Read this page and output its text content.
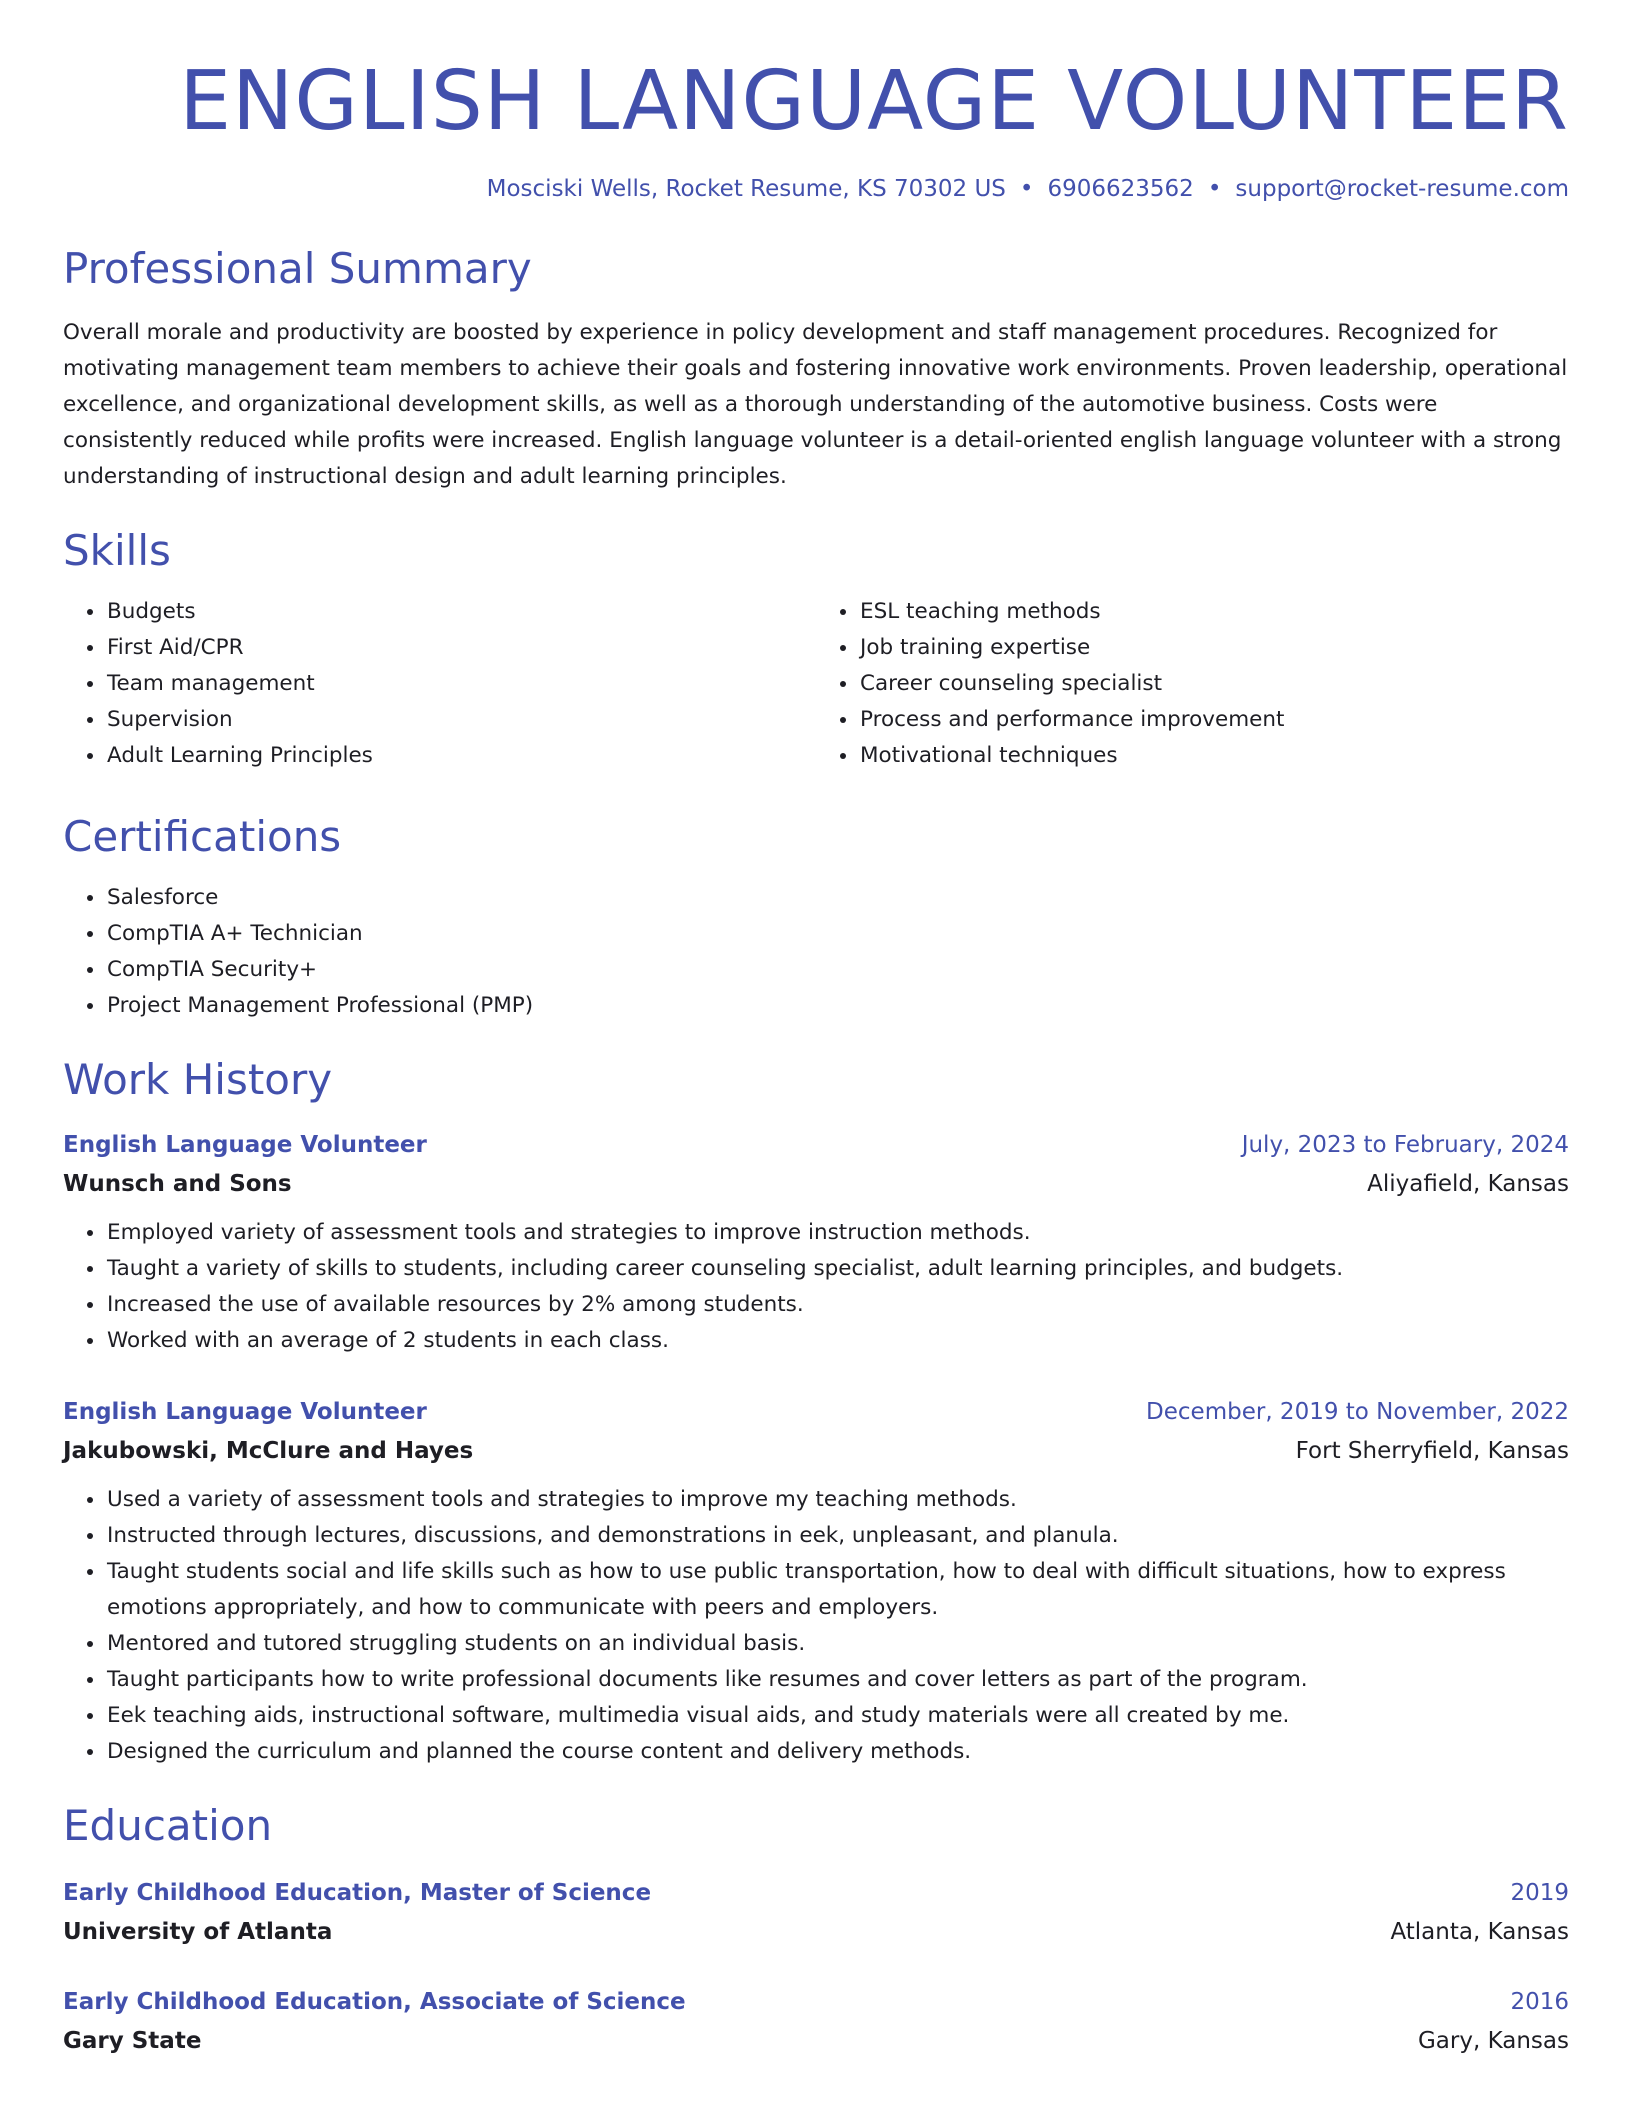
ENGLISH LANGUAGE VOLUNTEER
Mosciski Wells, Rocket Resume, KS 70302 US • 6906623562 • support@rocket-resume.com
Professional Summary

Overall morale and productivity are boosted by experience in policy development and staff management procedures. Recognized for motivating management team members to achieve their goals and fostering innovative work environments. Proven leadership, operational excellence, and organizational development skills, as well as a thorough understanding of the automotive business. Costs were consistently reduced while profits were increased. English language volunteer is a detail-oriented english language volunteer with a strong understanding of instructional design and adult learning principles.

Skills
• Budgets
• First Aid/CPR
• Team management
• Supervision
• Adult Learning Principles
• ESL teaching methods
• Job training expertise
• Career counseling specialist
• Process and performance improvement
• Motivational techniques
Certifications
• Salesforce
• CompTIA A+ Technician
• CompTIA Security+
• Project Management Professional (PMP)
Work History
English Language Volunteer	July, 2023 to February, 2024
Wunsch and Sons	Aliyafield, Kansas
• Employed variety of assessment tools and strategies to improve instruction methods.
• Taught a variety of skills to students, including career counseling specialist, adult learning principles, and budgets.
• Increased the use of available resources by 2% among students.
• Worked with an average of 2 students in each class.
English Language Volunteer	December, 2019 to November, 2022
Jakubowski, McClure and Hayes	Fort Sherryfield, Kansas
• Used a variety of assessment tools and strategies to improve my teaching methods.
• Instructed through lectures, discussions, and demonstrations in eek, unpleasant, and planula.
• Taught students social and life skills such as how to use public transportation, how to deal with difficult situations, how to express emotions appropriately, and how to communicate with peers and employers.
• Mentored and tutored struggling students on an individual basis.
• Taught participants how to write professional documents like resumes and cover letters as part of the program.
• Eek teaching aids, instructional software, multimedia visual aids, and study materials were all created by me.
• Designed the curriculum and planned the course content and delivery methods.
Education
Early Childhood Education, Master of Science	2019
University of Atlanta	Atlanta, Kansas
Early Childhood Education, Associate of Science	2016
Gary State	Gary, Kansas
